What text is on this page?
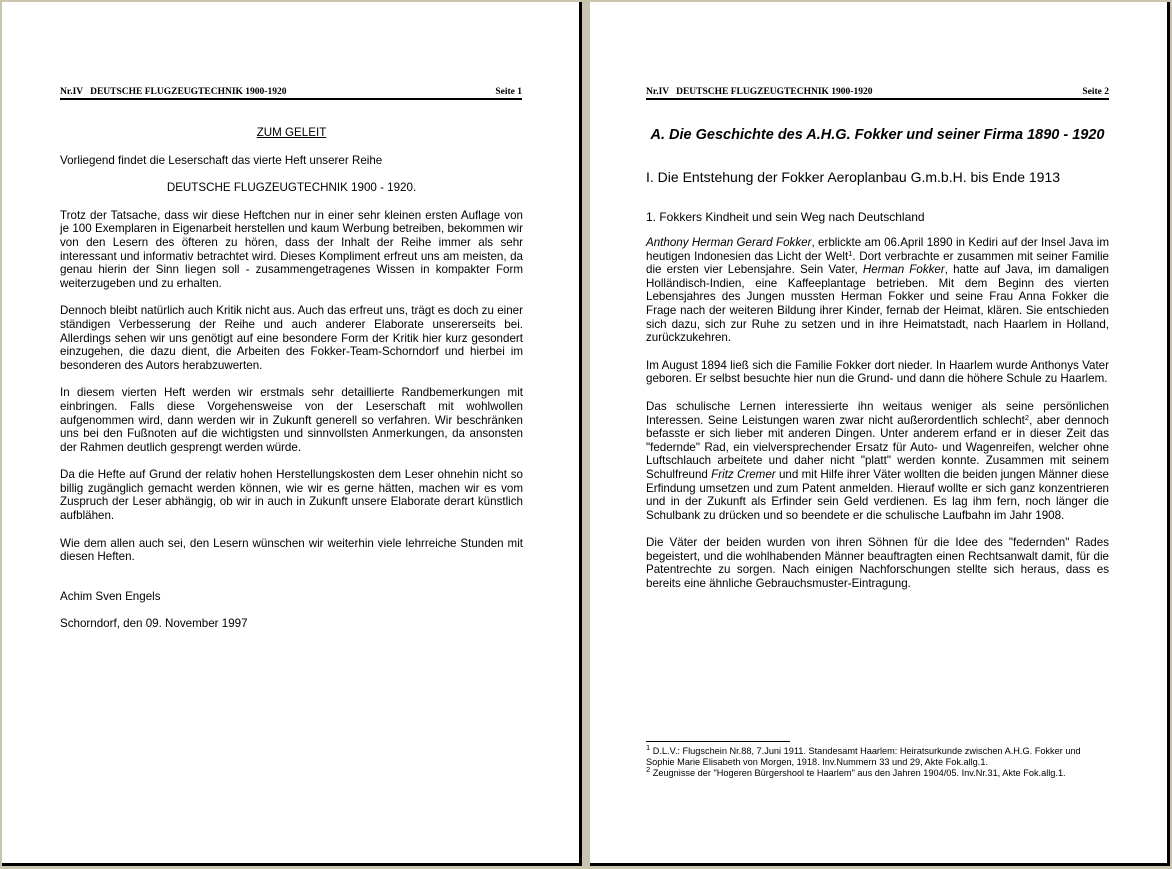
Nr.IV   DEUTSCHE FLUGZEUGTECHNIK 1900-1920	Seite 1

ZUM GELEIT

Vorliegend findet die Leserschaft das vierte Heft unserer Reihe

DEUTSCHE FLUGZEUGTECHNIK 1900 - 1920.

Trotz der Tatsache, dass wir diese Heftchen nur in einer sehr kleinen ersten Auflage von je 100 Exemplaren in Eigenarbeit herstellen und kaum Werbung betreiben, bekommen wir von den Lesern des öfteren zu hören, dass der Inhalt der Reihe immer als sehr interessant und informativ betrachtet wird. Dieses Kompliment erfreut uns am meisten, da genau hierin der Sinn liegen soll - zusammengetragenes Wissen in kompakter Form weiterzugeben und zu erhalten.

Dennoch bleibt natürlich auch Kritik nicht aus. Auch das erfreut uns, trägt es doch zu einer ständigen Verbesserung der Reihe und auch anderer Elaborate unsererseits bei. Allerdings sehen wir uns genötigt auf eine besondere Form der Kritik hier kurz gesondert einzugehen, die dazu dient, die Arbeiten des Fokker-Team-Schorndorf und hierbei im besonderen des Autors herabzuwerten.

In diesem vierten Heft werden wir erstmals sehr detaillierte Randbemerkungen mit einbringen. Falls diese Vorgehensweise von der Leserschaft mit wohlwollen aufgenommen wird, dann werden wir in Zukunft generell so verfahren. Wir beschränken uns bei den Fußnoten auf die wichtigsten und sinnvollsten Anmerkungen, da ansonsten der Rahmen deutlich gesprengt werden würde.

Da die Hefte auf Grund der relativ hohen Herstellungskosten dem Leser ohnehin nicht so billig zugänglich gemacht werden können, wie wir es gerne hätten, machen wir es vom Zuspruch der Leser abhängig, ob wir in auch in Zukunft unsere Elaborate derart künstlich aufblähen.

Wie dem allen auch sei, den Lesern wünschen wir weiterhin viele lehrreiche Stunden mit diesen Heften.

Achim Sven Engels

Schorndorf, den 09. November 1997

Nr.IV   DEUTSCHE FLUGZEUGTECHNIK 1900-1920	Seite 2
A. Die Geschichte des A.H.G. Fokker und seiner Firma 1890 - 1920
I. Die Entstehung der Fokker Aeroplanbau G.m.b.H. bis Ende 1913
1. Fokkers Kindheit und sein Weg nach Deutschland

Anthony Herman Gerard Fokker, erblickte am 06.April 1890 in Kediri auf der Insel Java im heutigen Indonesien das Licht der Welt$^1$. Dort verbrachte er zusammen mit seiner Familie die ersten vier Lebensjahre. Sein Vater, Herman Fokker, hatte auf Java, im damaligen Holländisch-Indien, eine Kaffeeplantage betrieben. Mit dem Beginn des vierten Lebensjahres des Jungen mussten Herman Fokker und seine Frau Anna Fokker die Frage nach der weiteren Bildung ihrer Kinder, fernab der Heimat, klären. Sie entschieden sich dazu, sich zur Ruhe zu setzen und in ihre Heimatstadt, nach Haarlem in Holland, zurückzukehren.

Im August 1894 ließ sich die Familie Fokker dort nieder. In Haarlem wurde Anthonys Vater geboren. Er selbst besuchte hier nun die Grund- und dann die höhere Schule zu Haarlem.

Das schulische Lernen interessierte ihn weitaus weniger als seine persönlichen Interessen. Seine Leistungen waren zwar nicht außerordentlich schlecht$^2$, aber dennoch befasste er sich lieber mit anderen Dingen. Unter anderem erfand er in dieser Zeit das "federnde" Rad, ein vielversprechender Ersatz für Auto- und Wagenreifen, welcher ohne Luftschlauch arbeitete und daher nicht "platt" werden konnte. Zusammen mit seinem Schulfreund Fritz Cremer und mit Hilfe ihrer Väter wollten die beiden jungen Männer diese Erfindung umsetzen und zum Patent anmelden. Hierauf wollte er sich ganz konzentrieren und in der Zukunft als Erfinder sein Geld verdienen. Es lag ihm fern, noch länger die Schulbank zu drücken und so beendete er die schulische Laufbahn im Jahr 1908.

Die Väter der beiden wurden von ihren Söhnen für die Idee des "federnden" Rades begeistert, und die wohlhabenden Männer beauftragten einen Rechtsanwalt damit, für die Patentrechte zu sorgen. Nach einigen Nachforschungen stellte sich heraus, dass es bereits eine ähnliche Gebrauchsmuster-Eintragung.

$^1$ D.L.V.: Flugschein Nr.88, 7.Juni 1911. Standesamt Haarlem: Heiratsurkunde zwischen A.H.G. Fokker und Sophie Marie Elisabeth von Morgen, 1918. Inv.Nummern 33 und 29, Akte Fok.allg.1.

$^2$ Zeugnisse der "Hogeren Bürgershool te Haarlem" aus den Jahren 1904/05. Inv.Nr.31, Akte Fok.allg.1.
